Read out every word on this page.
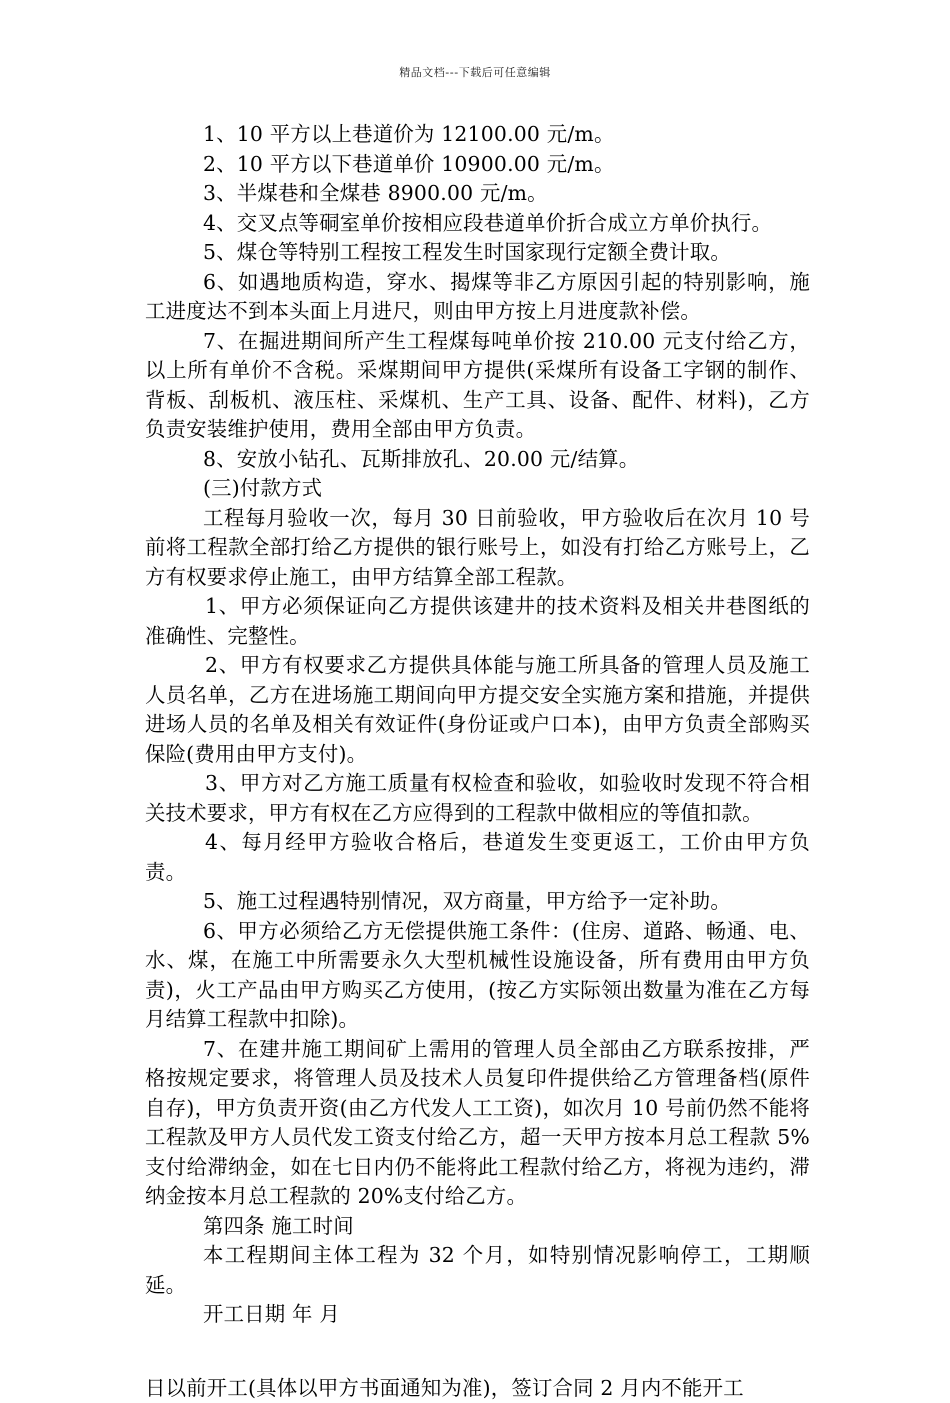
精品文档---下载后可任意编辑

1、10 平方以上巷道价为 12100.00 元/m。

2、10 平方以下巷道单价 10900.00 元/m。

3、半煤巷和全煤巷 8900.00 元/m。

4、交叉点等硐室单价按相应段巷道单价折合成立方单价执行。

5、煤仓等特别工程按工程发生时国家现行定额全费计取。

6、如遇地质构造，穿水、揭煤等非乙方原因引起的特别影响，施工进度达不到本头面上月进尺，则由甲方按上月进度款补偿。

7、在掘进期间所产生工程煤每吨单价按 210.00 元支付给乙方，以上所有单价不含税。采煤期间甲方提供(采煤所有设备工字钢的制作、背板、刮板机、液压柱、采煤机、生产工具、设备、配件、材料)，乙方负责安装维护使用，费用全部由甲方负责。

8、安放小钻孔、瓦斯排放孔、20.00 元/结算。

(三)付款方式

工程每月验收一次，每月 30 日前验收，甲方验收后在次月 10 号前将工程款全部打给乙方提供的银行账号上，如没有打给乙方账号上，乙方有权要求停止施工，由甲方结算全部工程款。

1、甲方必须保证向乙方提供该建井的技术资料及相关井巷图纸的准确性、完整性。

2、甲方有权要求乙方提供具体能与施工所具备的管理人员及施工人员名单，乙方在进场施工期间向甲方提交安全实施方案和措施，并提供进场人员的名单及相关有效证件(身份证或户口本)，由甲方负责全部购买保险(费用由甲方支付)。

3、甲方对乙方施工质量有权检查和验收，如验收时发现不符合相关技术要求，甲方有权在乙方应得到的工程款中做相应的等值扣款。

4、每月经甲方验收合格后，巷道发生变更返工，工价由甲方负责。

5、施工过程遇特别情况，双方商量，甲方给予一定补助。

6、甲方必须给乙方无偿提供施工条件：(住房、道路、畅通、电、水、煤，在施工中所需要永久大型机械性设施设备，所有费用由甲方负责)，火工产品由甲方购买乙方使用，(按乙方实际领出数量为准在乙方每月结算工程款中扣除)。

7、在建井施工期间矿上需用的管理人员全部由乙方联系按排，严格按规定要求，将管理人员及技术人员复印件提供给乙方管理备档(原件自存)，甲方负责开资(由乙方代发人工工资)，如次月 10 号前仍然不能将工程款及甲方人员代发工资支付给乙方，超一天甲方按本月总工程款 5%支付给滞纳金，如在七日内仍不能将此工程款付给乙方，将视为违约，滞纳金按本月总工程款的 20%支付给乙方。

第四条 施工时间

本工程期间主体工程为 32 个月，如特别情况影响停工，工期顺延。

开工日期 年 月

日以前开工(具体以甲方书面通知为准)，签订合同 2 月内不能开工
